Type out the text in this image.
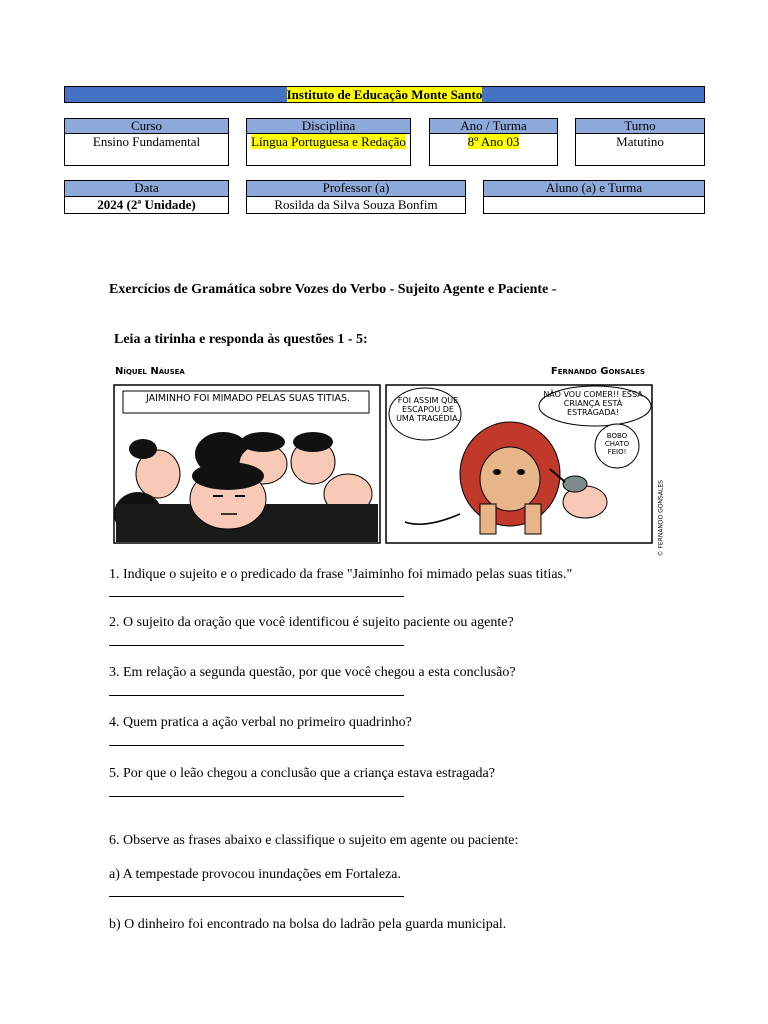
Instituto de Educação Monte Santo
Curso
Ensino Fundamental
Disciplina
Língua Portuguesa e Redação
Ano / Turma
8º Ano 03
Turno
Matutino
Data
2024 (2ª Unidade)
Professor (a)
Rosilda da Silva Souza Bonfim
Aluno (a) e Turma
Exercícios de Gramática sobre Vozes do Verbo - Sujeito Agente e Paciente -
Leia a tirinha e responda às questões 1 - 5:
Níquel Náusea	Fernando Gonsales
JAIMINHO FOI MIMADO PELAS SUAS TITIAS.	FOI ASSIM QUE ESCAPOU DE UMA TRAGÉDIA.
NÃO VOU COMER!! ESSA CRIANÇA ESTÁ ESTRAGADA!
BOBO CHATO FEIO!
© FERNANDO GONSALES
1. Indique o sujeito e o predicado da frase "Jaiminho foi mimado pelas suas titias."
2. O sujeito da oração que você identificou é sujeito paciente ou agente?
3. Em relação a segunda questão, por que você chegou a esta conclusão?
4. Quem pratica a ação verbal no primeiro quadrinho?
5. Por que o leão chegou a conclusão que a criança estava estragada?
6. Observe as frases abaixo e classifique o sujeito em agente ou paciente:
a) A tempestade provocou inundações em Fortaleza.
b) O dinheiro foi encontrado na bolsa do ladrão pela guarda municipal.
